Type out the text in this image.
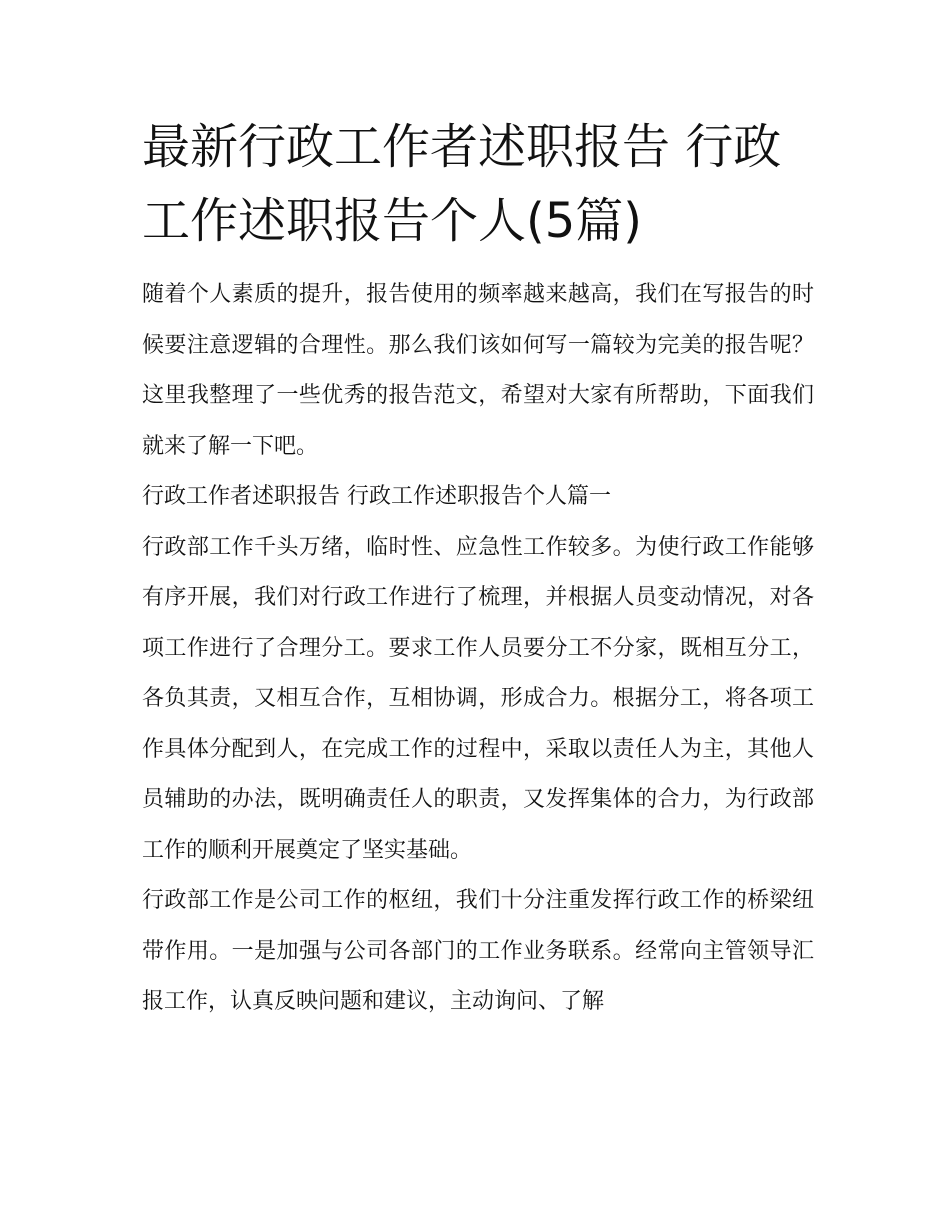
最新行政工作者述职报告 行政工作述职报告个人(5篇)

随着个人素质的提升，报告使用的频率越来越高，我们在写报告的时候要注意逻辑的合理性。那么我们该如何写一篇较为完美的报告呢？这里我整理了一些优秀的报告范文，希望对大家有所帮助，下面我们就来了解一下吧。

行政工作者述职报告 行政工作述职报告个人篇一

行政部工作千头万绪，临时性、应急性工作较多。为使行政工作能够有序开展，我们对行政工作进行了梳理，并根据人员变动情况，对各项工作进行了合理分工。要求工作人员要分工不分家，既相互分工，各负其责，又相互合作，互相协调，形成合力。根据分工，将各项工作具体分配到人，在完成工作的过程中，采取以责任人为主，其他人员辅助的办法，既明确责任人的职责，又发挥集体的合力，为行政部工作的顺利开展奠定了坚实基础。

行政部工作是公司工作的枢纽，我们十分注重发挥行政工作的桥梁纽带作用。一是加强与公司各部门的工作业务联系。经常向主管领导汇报工作，认真反映问题和建议，主动询问、了解
